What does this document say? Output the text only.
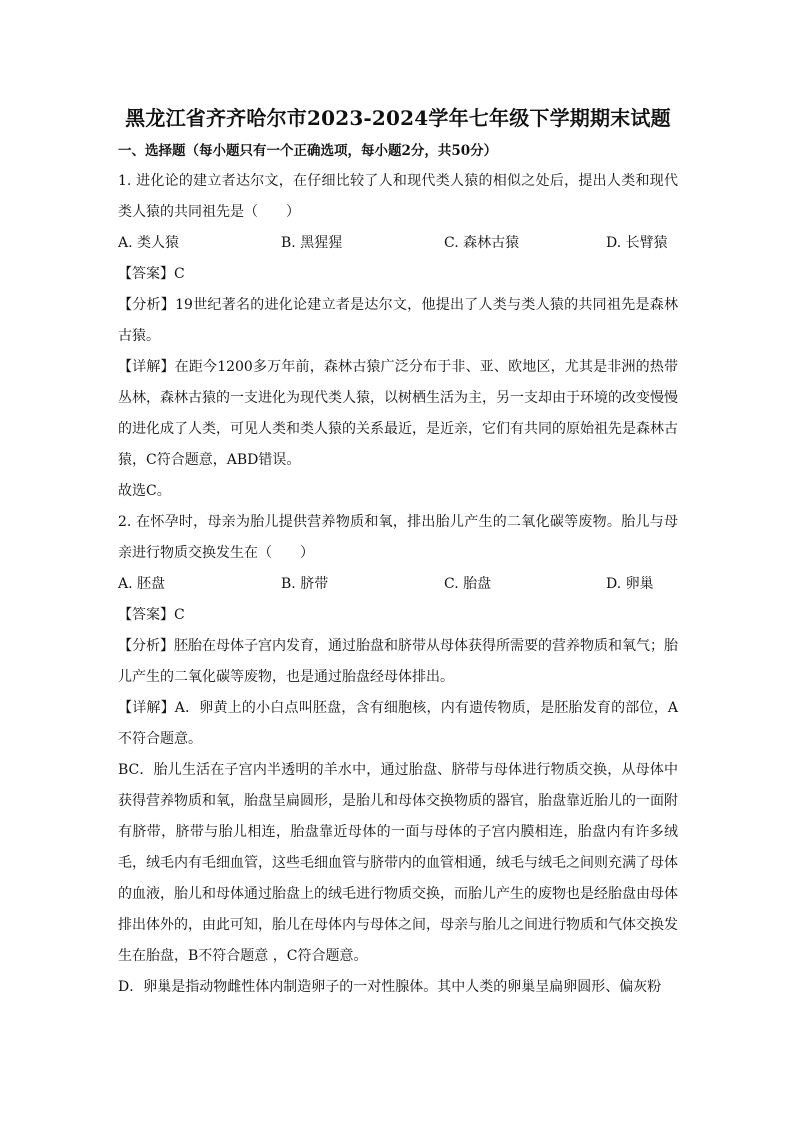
黑龙江省齐齐哈尔市2023-2024学年七年级下学期期末试题
一、选择题（每小题只有一个正确选项，每小题2分，共50分）

1. 进化论的建立者达尔文，在仔细比较了人和现代类人猿的相似之处后，提出人类和现代类人猿的共同祖先是（　　）

A. 类人猿	B. 黑猩猩	C. 森林古猿	D. 长臂猿

【答案】C

【分析】19世纪著名的进化论建立者是达尔文，他提出了人类与类人猿的共同祖先是森林古猿。

【详解】在距今1200多万年前，森林古猿广泛分布于非、亚、欧地区，尤其是非洲的热带丛林，森林古猿的一支进化为现代类人猿，以树栖生活为主，另一支却由于环境的改变慢慢的进化成了人类，可见人类和类人猿的关系最近，是近亲，它们有共同的原始祖先是森林古猿，C符合题意，ABD错误。

故选C。

2. 在怀孕时，母亲为胎儿提供营养物质和氧，排出胎儿产生的二氧化碳等废物。胎儿与母亲进行物质交换发生在（　　）

A. 胚盘	B. 脐带	C. 胎盘	D. 卵巢

【答案】C

【分析】胚胎在母体子宫内发育，通过胎盘和脐带从母体获得所需要的营养物质和氧气；胎儿产生的二氧化碳等废物，也是通过胎盘经母体排出。

【详解】A．卵黄上的小白点叫胚盘，含有细胞核，内有遗传物质，是胚胎发育的部位，A不符合题意。

BC．胎儿生活在子宫内半透明的羊水中，通过胎盘、脐带与母体进行物质交换，从母体中获得营养物质和氧，胎盘呈扁圆形，是胎儿和母体交换物质的器官，胎盘靠近胎儿的一面附有脐带，脐带与胎儿相连，胎盘靠近母体的一面与母体的子宫内膜相连，胎盘内有许多绒毛，绒毛内有毛细血管，这些毛细血管与脐带内的血管相通，绒毛与绒毛之间则充满了母体的血液，胎儿和母体通过胎盘上的绒毛进行物质交换，而胎儿产生的废物也是经胎盘由母体排出体外的，由此可知，胎儿在母体内与母体之间，母亲与胎儿之间进行物质和气体交换发生在胎盘，B不符合题意 ，C符合题意。

D．卵巢是指动物雌性体内制造卵子的一对性腺体。其中人类的卵巢呈扁卵圆形、偏灰粉
